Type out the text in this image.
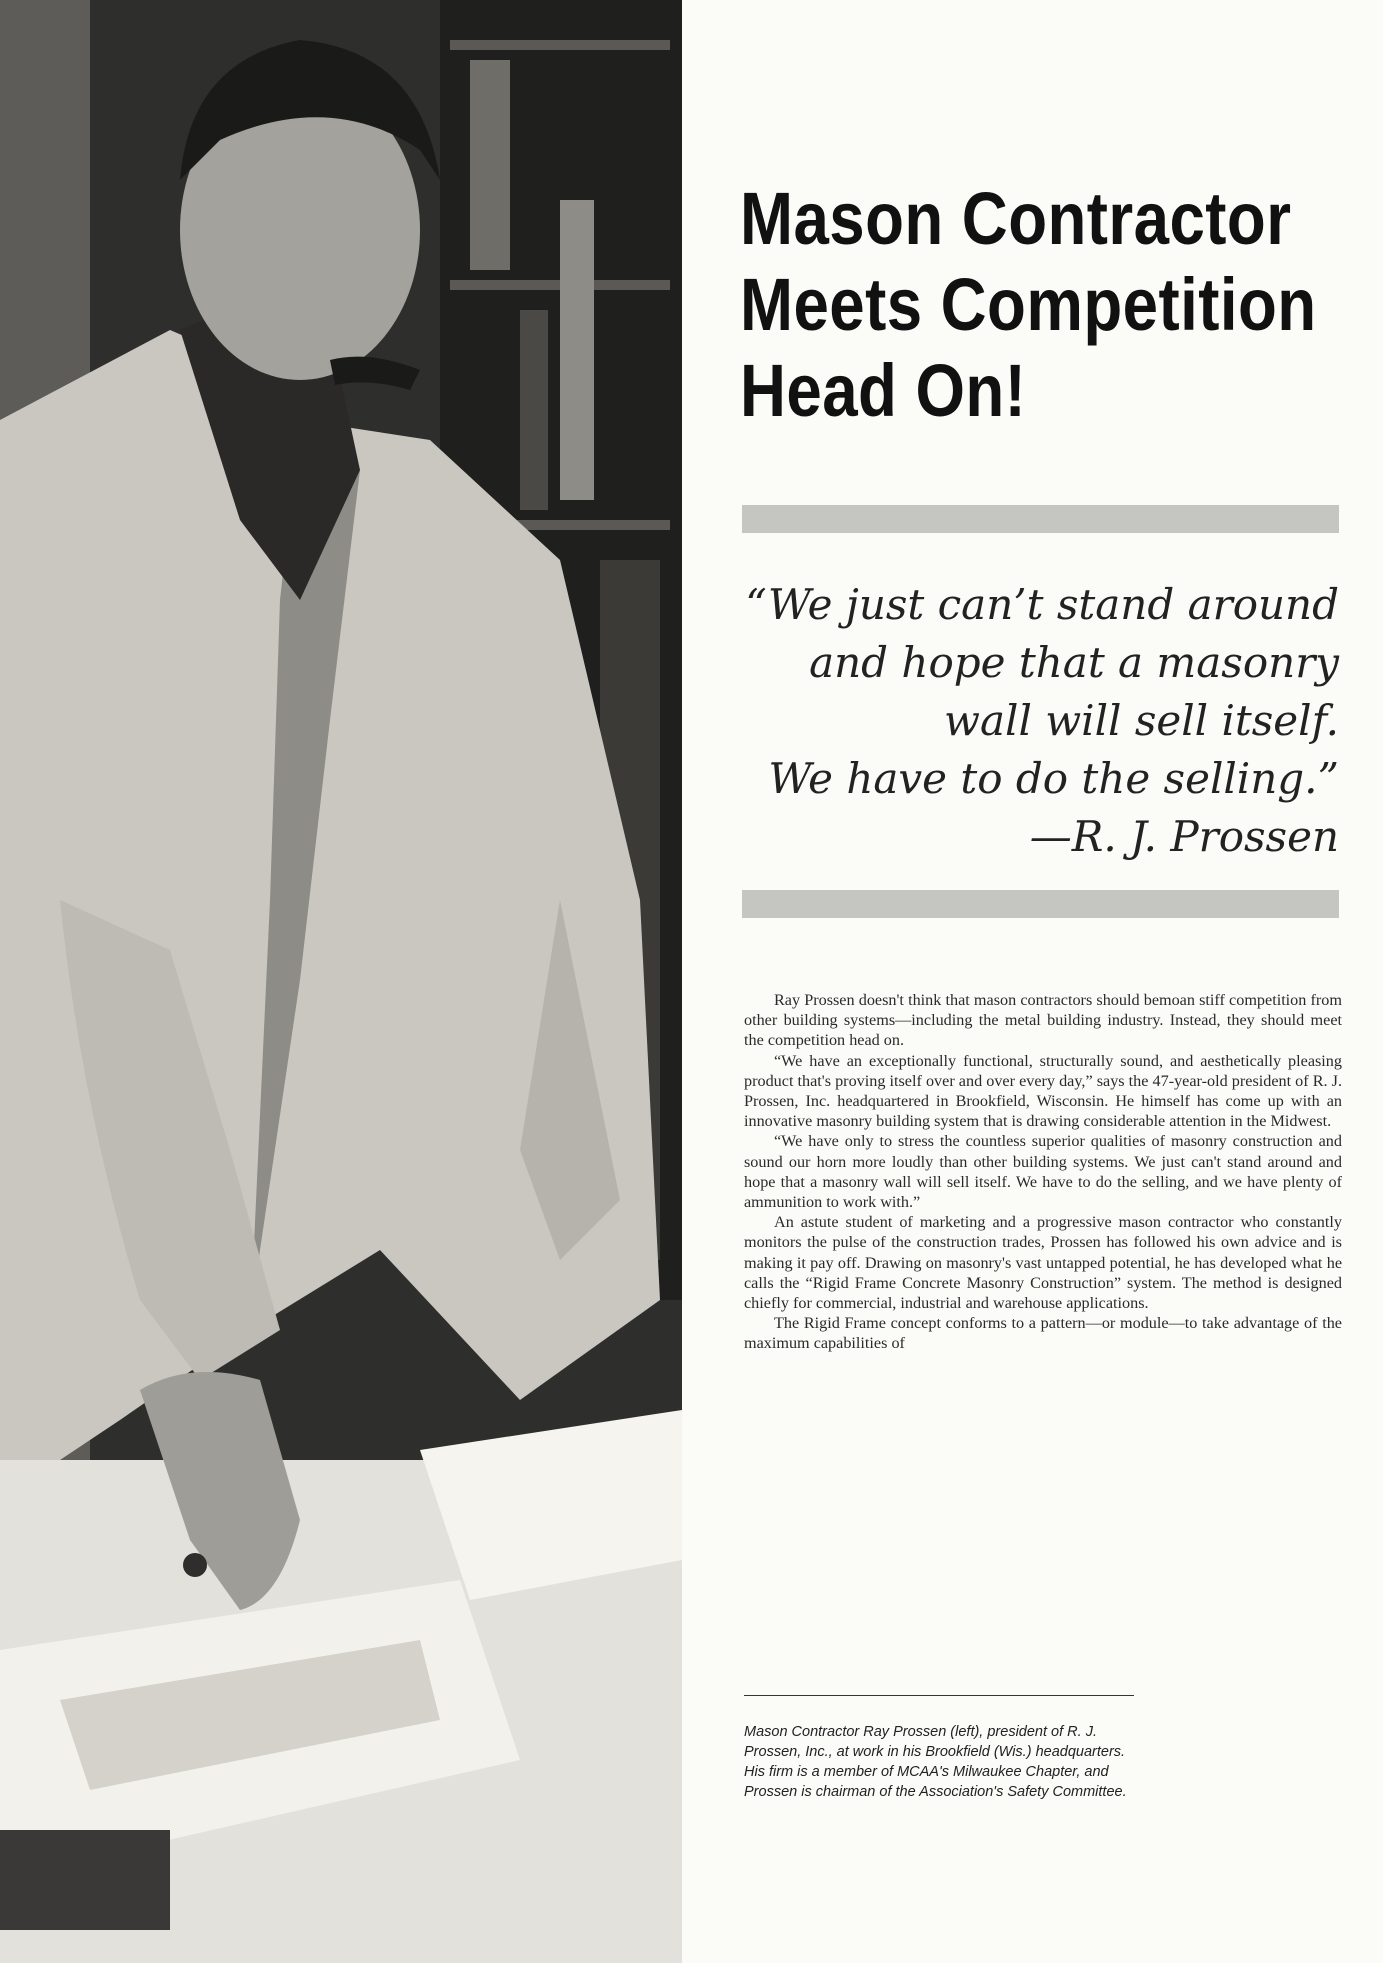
Mason Contractor
Meets Competition
Head On!
“We just can’t stand around
and hope that a masonry
wall will sell itself.
We have to do the selling.”
—R. J. Prossen

Ray Prossen doesn't think that mason contractors should bemoan stiff competition from other building systems—including the metal building industry. Instead, they should meet the competition head on.

“We have an exceptionally functional, structurally sound, and aesthetically pleasing product that's proving itself over and over every day,” says the 47-year-old president of R. J. Prossen, Inc. headquartered in Brookfield, Wisconsin. He himself has come up with an innovative masonry building system that is drawing considerable attention in the Midwest.

“We have only to stress the countless superior qualities of masonry construction and sound our horn more loudly than other building systems. We just can't stand around and hope that a masonry wall will sell itself. We have to do the selling, and we have plenty of ammunition to work with.”

An astute student of marketing and a progressive mason contractor who constantly monitors the pulse of the construction trades, Prossen has followed his own advice and is making it pay off. Drawing on masonry's vast untapped potential, he has developed what he calls the “Rigid Frame Concrete Masonry Construction” system. The method is designed chiefly for commercial, industrial and warehouse applications.

The Rigid Frame concept conforms to a pattern—or module—to take advantage of the maximum capabilities of

Mason Contractor Ray Prossen (left), president of R. J. Prossen, Inc., at work in his Brookfield (Wis.) headquarters. His firm is a member of MCAA's Milwaukee Chapter, and Prossen is chairman of the Association's Safety Committee.
